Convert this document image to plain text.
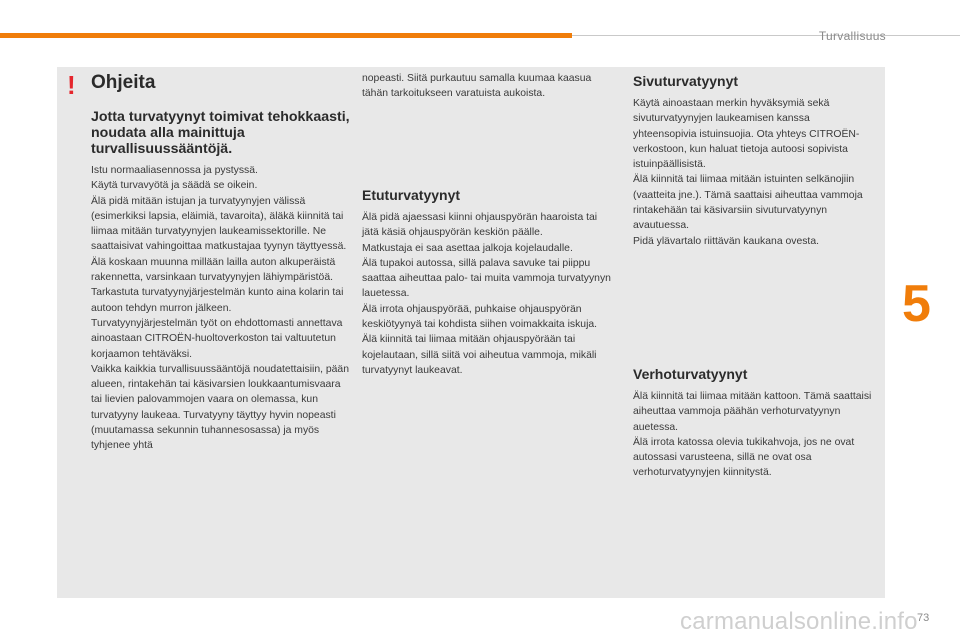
Turvallisuus
5
! Ohjeita
Jotta turvatyynyt toimivat tehokkaasti, noudata alla mainittuja turvallisuussääntöjä.
Istu normaaliasennossa ja pystyssä.
Käytä turvavyötä ja säädä se oikein.
Älä pidä mitään istujan ja turvatyynyjen välissä (esimerkiksi lapsia, eläimiä, tavaroita), äläkä kiinnitä tai liimaa mitään turvatyynyjen laukeamissektorille. Ne saattaisivat vahingoittaa matkustajaa tyynyn täyttyessä.
Älä koskaan muunna millään lailla auton alkuperäistä rakennetta, varsinkaan turvatyynyjen lähiympäristöä.
Tarkastuta turvatyynyjärjestelmän kunto aina kolarin tai autoon tehdyn murron jälkeen.
Turvatyynyjärjestelmän työt on ehdottomasti annettava ainoastaan CITROËN-huoltoverkoston tai valtuutetun korjaamon tehtäväksi.
Vaikka kaikkia turvallisuussääntöjä noudatettaisiin, pään alueen, rintakehän tai käsivarsien loukkaantumisvaara tai lievien palovammojen vaara on olemassa, kun turvatyyny laukeaa. Turvatyyny täyttyy hyvin nopeasti (muutamassa sekunnin tuhannesosassa) ja myös tyhjenee yhtä
nopeasti. Siitä purkautuu samalla kuumaa kaasua tähän tarkoitukseen varatuista aukoista.
Etuturvatyynyt
Älä pidä ajaessasi kiinni ohjauspyörän haaroista tai jätä käsiä ohjauspyörän keskiön päälle.
Matkustaja ei saa asettaa jalkoja kojelaudalle.
Älä tupakoi autossa, sillä palava savuke tai piippu saattaa aiheuttaa palo- tai muita vammoja turvatyynyn lauetessa.
Älä irrota ohjauspyörää, puhkaise ohjauspyörän keskiötyynyä tai kohdista siihen voimakkaita iskuja.
Älä kiinnitä tai liimaa mitään ohjauspyörään tai kojelautaan, sillä siitä voi aiheutua vammoja, mikäli turvatyynyt laukeavat.
Sivuturvatyynyt
Käytä ainoastaan merkin hyväksymiä sekä sivuturvatyynyjen laukeamisen kanssa yhteensopivia istuinsuojia. Ota yhteys CITROËN-verkostoon, kun haluat tietoja autoosi sopivista istuinpäällisistä.
Älä kiinnitä tai liimaa mitään istuinten selkänojiin (vaatteita jne.). Tämä saattaisi aiheuttaa vammoja rintakehään tai käsivarsiin sivuturvatyynyn avautuessa.
Pidä ylävartalo riittävän kaukana ovesta.
Verhoturvatyynyt
Älä kiinnitä tai liimaa mitään kattoon. Tämä saattaisi aiheuttaa vammoja päähän verhoturvatyynyn auetessa.
Älä irrota katossa olevia tukikahvoja, jos ne ovat autossasi varusteena, sillä ne ovat osa verhoturvatyynyjen kiinnitystä.
carmanualsonline.info 73
